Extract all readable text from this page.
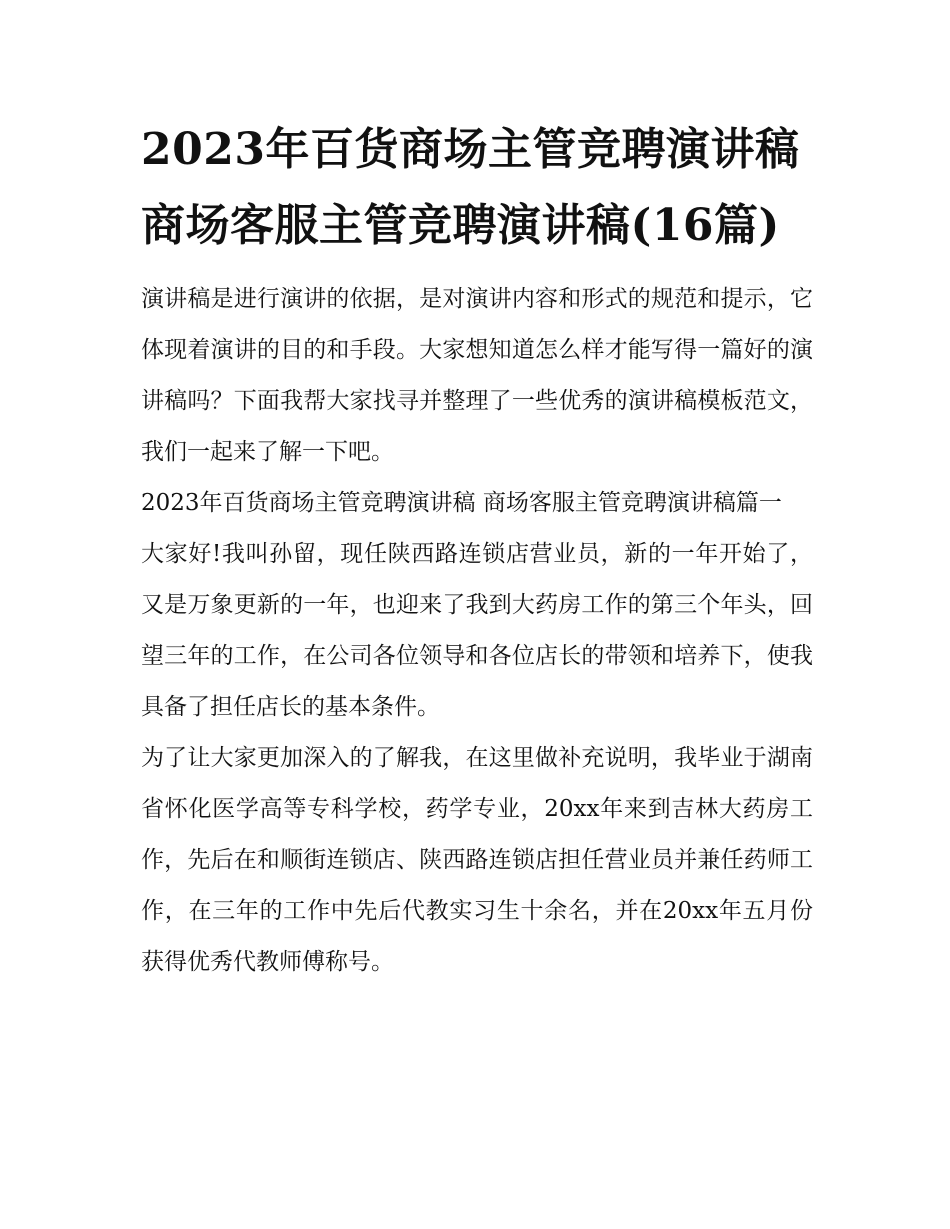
2023年百货商场主管竞聘演讲稿 商场客服主管竞聘演讲稿(16篇)

演讲稿是进行演讲的依据，是对演讲内容和形式的规范和提示，它体现着演讲的目的和手段。大家想知道怎么样才能写得一篇好的演讲稿吗？下面我帮大家找寻并整理了一些优秀的演讲稿模板范文，我们一起来了解一下吧。

2023年百货商场主管竞聘演讲稿 商场客服主管竞聘演讲稿篇一

大家好!我叫孙留，现任陕西路连锁店营业员，新的一年开始了，又是万象更新的一年，也迎来了我到大药房工作的第三个年头，回望三年的工作，在公司各位领导和各位店长的带领和培养下，使我具备了担任店长的基本条件。

为了让大家更加深入的了解我，在这里做补充说明，我毕业于湖南省怀化医学高等专科学校，药学专业，20xx年来到吉林大药房工作，先后在和顺街连锁店、陕西路连锁店担任营业员并兼任药师工作，在三年的工作中先后代教实习生十余名，并在20xx年五月份获得优秀代教师傅称号。
